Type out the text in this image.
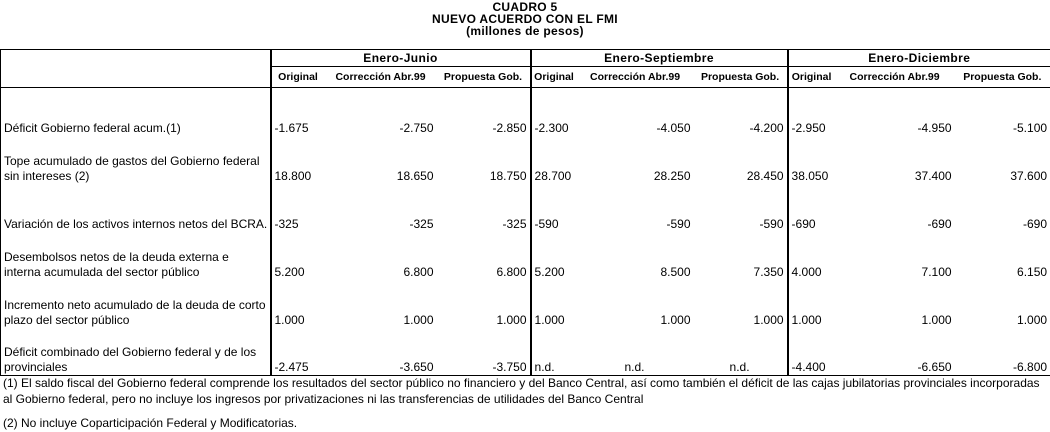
CUADRO 5
NUEVO ACUERDO CON EL FMI
(millones de pesos)
	Enero-Junio			Enero-Septiembre			Enero-Diciembre		
	Original	Corrección Abr.99	Propuesta Gob.	Original	Corrección Abr.99	Propuesta Gob.	Original	Corrección Abr.99	Propuesta Gob.
Déficit Gobierno federal acum.(1)	-1.675	-2.750	-2.850	-2.300	-4.050	-4.200	-2.950	-4.950	-5.100
Tope acumulado de gastos del Gobierno federal sin intereses (2)	18.800	18.650	18.750	28.700	28.250	28.450	38.050	37.400	37.600
Variación de los activos internos netos del BCRA.	-325	-325	-325	-590	-590	-590	-690	-690	-690
Desembolsos netos de la deuda externa e interna acumulada del sector público	5.200	6.800	6.800	5.200	8.500	7.350	4.000	7.100	6.150
Incremento neto acumulado de la deuda de corto plazo del sector público	1.000	1.000	1.000	1.000	1.000	1.000	1.000	1.000	1.000
Déficit combinado del Gobierno federal y de los provinciales	-2.475	-3.650	-3.750	n.d.	n.d.	n.d.	-4.400	-6.650	-6.800

(1) El saldo fiscal del Gobierno federal comprende los resultados del sector público no financiero y del Banco Central, así como también el déficit de las cajas jubilatorias provinciales incorporadas al Gobierno federal, pero no incluye los ingresos por privatizaciones ni las transferencias de utilidades del Banco Central

(2) No incluye Coparticipación Federal y Modificatorias.
